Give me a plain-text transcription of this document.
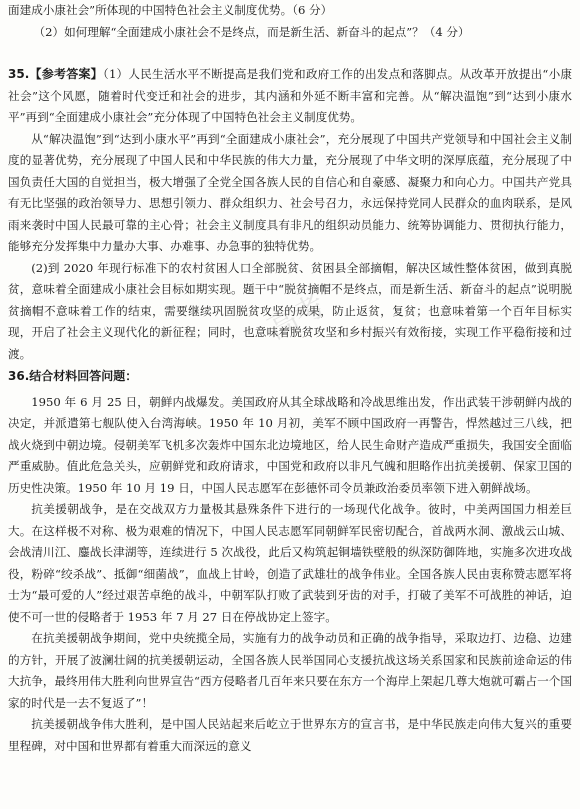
面建成小康社会”所体现的中国特色社会主义制度优势。（6 分）

（2）如何理解“全面建成小康社会不是终点，而是新生活、新奋斗的起点”？（4 分）

35.【参考答案】（1）人民生活水平不断提高是我们党和政府工作的出发点和落脚点。从改革开放提出“小康社会”这个风愿，随着时代变迁和社会的进步，其内涵和外延不断丰富和完善。从“解决温饱”到“达到小康水平”再到“全面建成小康社会”充分体现了中国特色社会主义制度优势。

从“解决温饱”到“达到小康水平”再到“全面建成小康社会”，充分展现了中国共产党领导和中国社会主义制度的显著优势，充分展现了中国人民和中华民族的伟大力量，充分展现了中华文明的深厚底蕴，充分展现了中国负责任大国的自觉担当，极大增强了全党全国各族人民的自信心和自豪感、凝聚力和向心力。中国共产党具有无比坚强的政治领导力、思想引领力、群众组织力、社会号召力，永远保持党同人民群众的血肉联系，是风雨来袭时中国人民最可靠的主心骨；社会主义制度具有非凡的组织动员能力、统筹协调能力、贯彻执行能力，能够充分发挥集中力量办大事、办难事、办急事的独特优势。

(2)到 2020 年现行标准下的农村贫困人口全部脱贫、贫困县全部摘帽，解决区域性整体贫困，做到真脱贫，意味着全面建成小康社会目标如期实现。题干中“脱贫摘帽不是终点，而是新生活、新奋斗的起点”说明脱贫摘帽不意味着工作的结束，需要继续巩固脱贫攻坚的成果，防止返贫，复贫；也意味着第一个百年目标实现，开启了社会主义现代化的新征程；同时，也意味着脱贫攻坚和乡村振兴有效衔接，实现工作平稳衔接和过渡。

36.结合材料回答问题：

1950 年 6 月 25 日，朝鲜内战爆发。美国政府从其全球战略和冷战思维出发，作出武装干涉朝鲜内战的决定，并派遣第七舰队使入台湾海峡。1950 年 10 月初，美军不顾中国政府一再警告，悍然越过三八线，把战火烧到中朝边境。侵朝美军飞机多次轰炸中国东北边境地区，给人民生命财产造成严重损失，我国安全面临严重威胁。值此危急关头，应朝鲜党和政府请求，中国党和政府以非凡气魄和胆略作出抗美援朝、保家卫国的历史性决策。1950 年 10 月 19 日，中国人民志愿军在彭德怀司令员兼政治委员率领下进入朝鲜战场。

抗美援朝战争，是在交战双方力量极其悬殊条件下进行的一场现代化战争。彼时，中美两国国力相差巨大。在这样极不对称、极为艰难的情况下，中国人民志愿军同朝鲜军民密切配合，首战两水洞、激战云山城、会战清川江、鏖战长津湖等，连续进行 5 次战役，此后又构筑起铜墙铁壁般的纵深防御阵地，实施多次进攻战役，粉碎“绞杀战”、抵御“细菌战”，血战上甘岭，创造了武雄壮的战争伟业。全国各族人民由衷称赞志愿军将士为“最可爱的人”经过艰苦卓绝的战斗，中朝军队打败了武装到牙齿的对手，打破了美军不可战胜的神话，迫使不可一世的侵略者于 1953 年 7 月 27 日在停战协定上签字。

在抗美援朝战争期间，党中央统揽全局，实施有力的战争动员和正确的战争指导，采取边打、边稳、边建的方针，开展了波澜壮阔的抗美援朝运动，全国各族人民举国同心支援抗战这场关系国家和民族前途命运的伟大抗争，最终用伟大胜利向世界宣告“西方侵略者几百年来只要在东方一个海岸上架起几尊大炮就可霸占一个国家的时代是一去不复返了”！

抗美援朝战争伟大胜利，是中国人民站起来后屹立于世界东方的宣言书，是中华民族走向伟大复兴的重要里程碑，对中国和世界都有着重大而深远的意义

高考
